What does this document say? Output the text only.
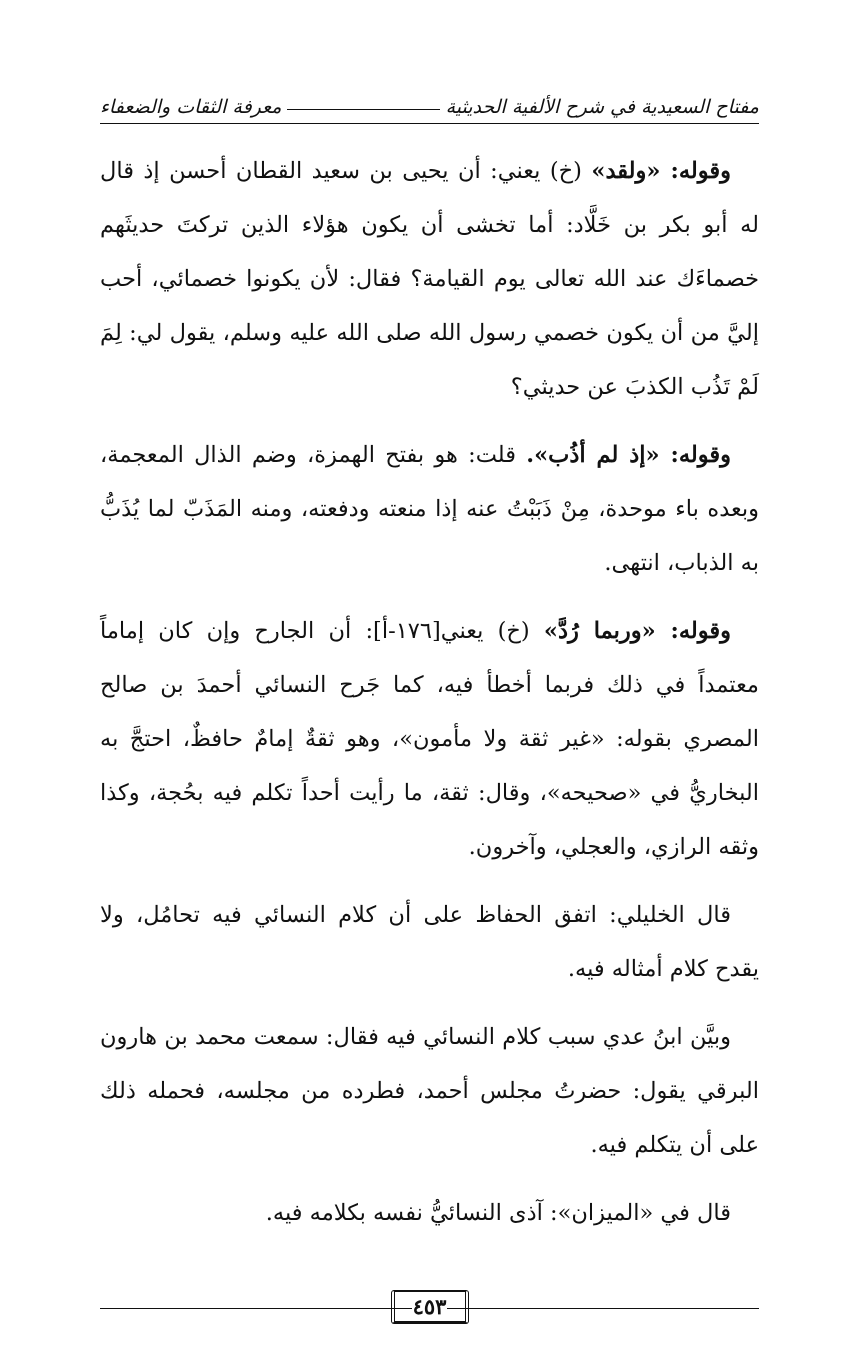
مفتاح السعيدية في شرح الألفية الحديثية
معرفة الثقات والضعفاء

وقوله: «ولقد» (خ) يعني: أن يحيى بن سعيد القطان أحسن إذ قال له أبو بكر بن خَلَّاد: أما تخشى أن يكون هؤلاء الذين تركتَ حديثَهم خصماءَك عند الله تعالى يوم القيامة؟ فقال: لأن يكونوا خصمائي، أحب إليَّ من أن يكون خصمي رسول الله صلى الله عليه وسلم، يقول لي: لِمَ لَمْ تَذُب الكذبَ عن حديثي؟

وقوله: «إذ لم أذُب». قلت: هو بفتح الهمزة، وضم الذال المعجمة، وبعده باء موحدة، مِنْ ذَبَبْتُ عنه إذا منعته ودفعته، ومنه المَذَبّ لما يُذَبُّ به الذباب، انتهى.

وقوله: «وربما رُدَّ» (خ) يعني[١٧٦-أ]: أن الجارح وإن كان إماماً معتمداً في ذلك فربما أخطأ فيه، كما جَرح النسائي أحمدَ بن صالح المصري بقوله: «غير ثقة ولا مأمون»، وهو ثقةٌ إمامٌ حافظٌ، احتجَّ به البخاريُّ في «صحيحه»، وقال: ثقة، ما رأيت أحداً تكلم فيه بحُجة، وكذا وثقه الرازي، والعجلي، وآخرون.

قال الخليلي: اتفق الحفاظ على أن كلام النسائي فيه تحامُل، ولا يقدح كلام أمثاله فيه.

وبيَّن ابنُ عدي سبب كلام النسائي فيه فقال: سمعت محمد بن هارون البرقي يقول: حضرتُ مجلس أحمد، فطرده من مجلسه، فحمله ذلك على أن يتكلم فيه.

قال في «الميزان»: آذى النسائيُّ نفسه بكلامه فيه.

٤٥٣
